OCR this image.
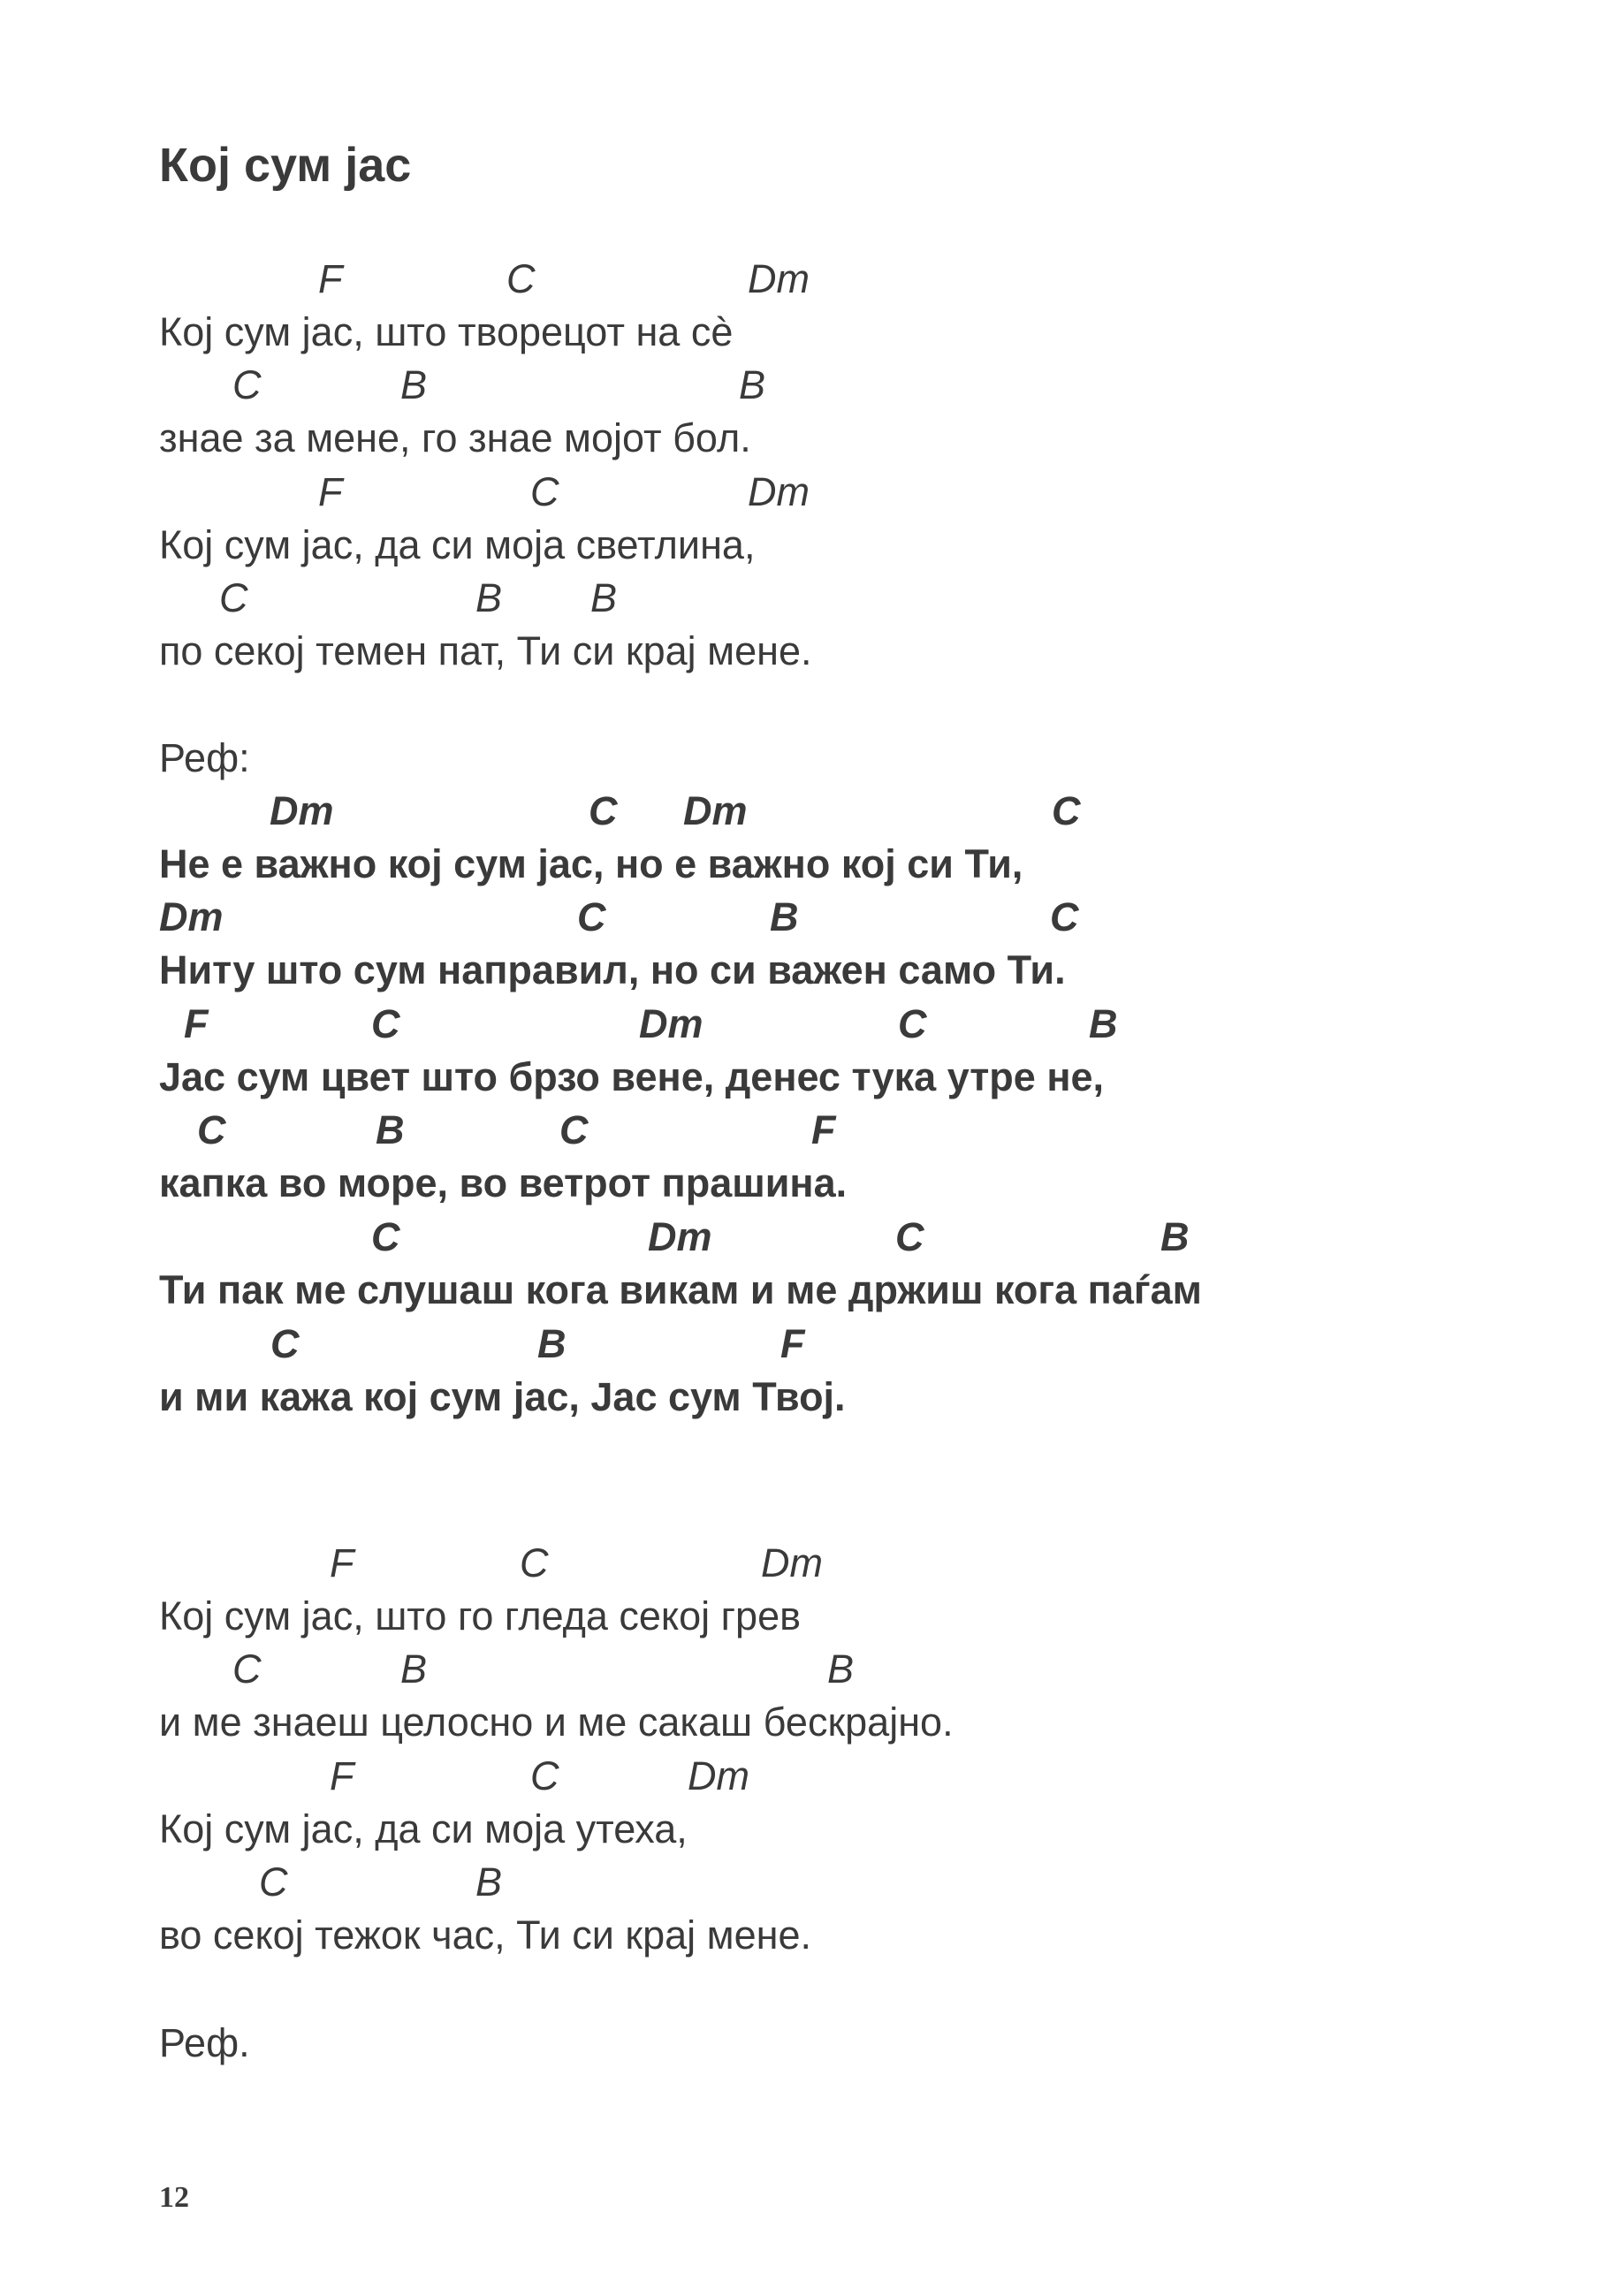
Кој сум јас
F	C	Dm
Кој сум јас, што творецот на сè
C	B	B
знае за мене, го знае мојот бол.
F	C	Dm
Кој сум јас, да си моја светлина,
C	B B
по секој темен пат, Ти си крај мене.
Реф:
Dm	C Dm	C
Не е важно кој сум јас, но е важно кој си Ти,
Dm	C	B	C
Ниту што сум направил, но си важен само Ти.
F	C	Dm	C	B
Јас сум цвет што брзо вене, денес тука утре не,
C	B	C	F
капка во море, во ветрот прашина.
C	Dm	C	B
Ти пак ме слушаш кога викам и ме држиш кога паѓам
C	B	F
и ми кажа кој сум јас, Јас сум Твој.
F	C	Dm
Кој сум јас, што го гледа секој грев
C	B	B
и ме знаеш целосно и ме сакаш бескрајно.
F	C	Dm
Кој сум јас, да си моја утеха,
C	B
во секој тежок час, Ти си крај мене.
Реф.
12
